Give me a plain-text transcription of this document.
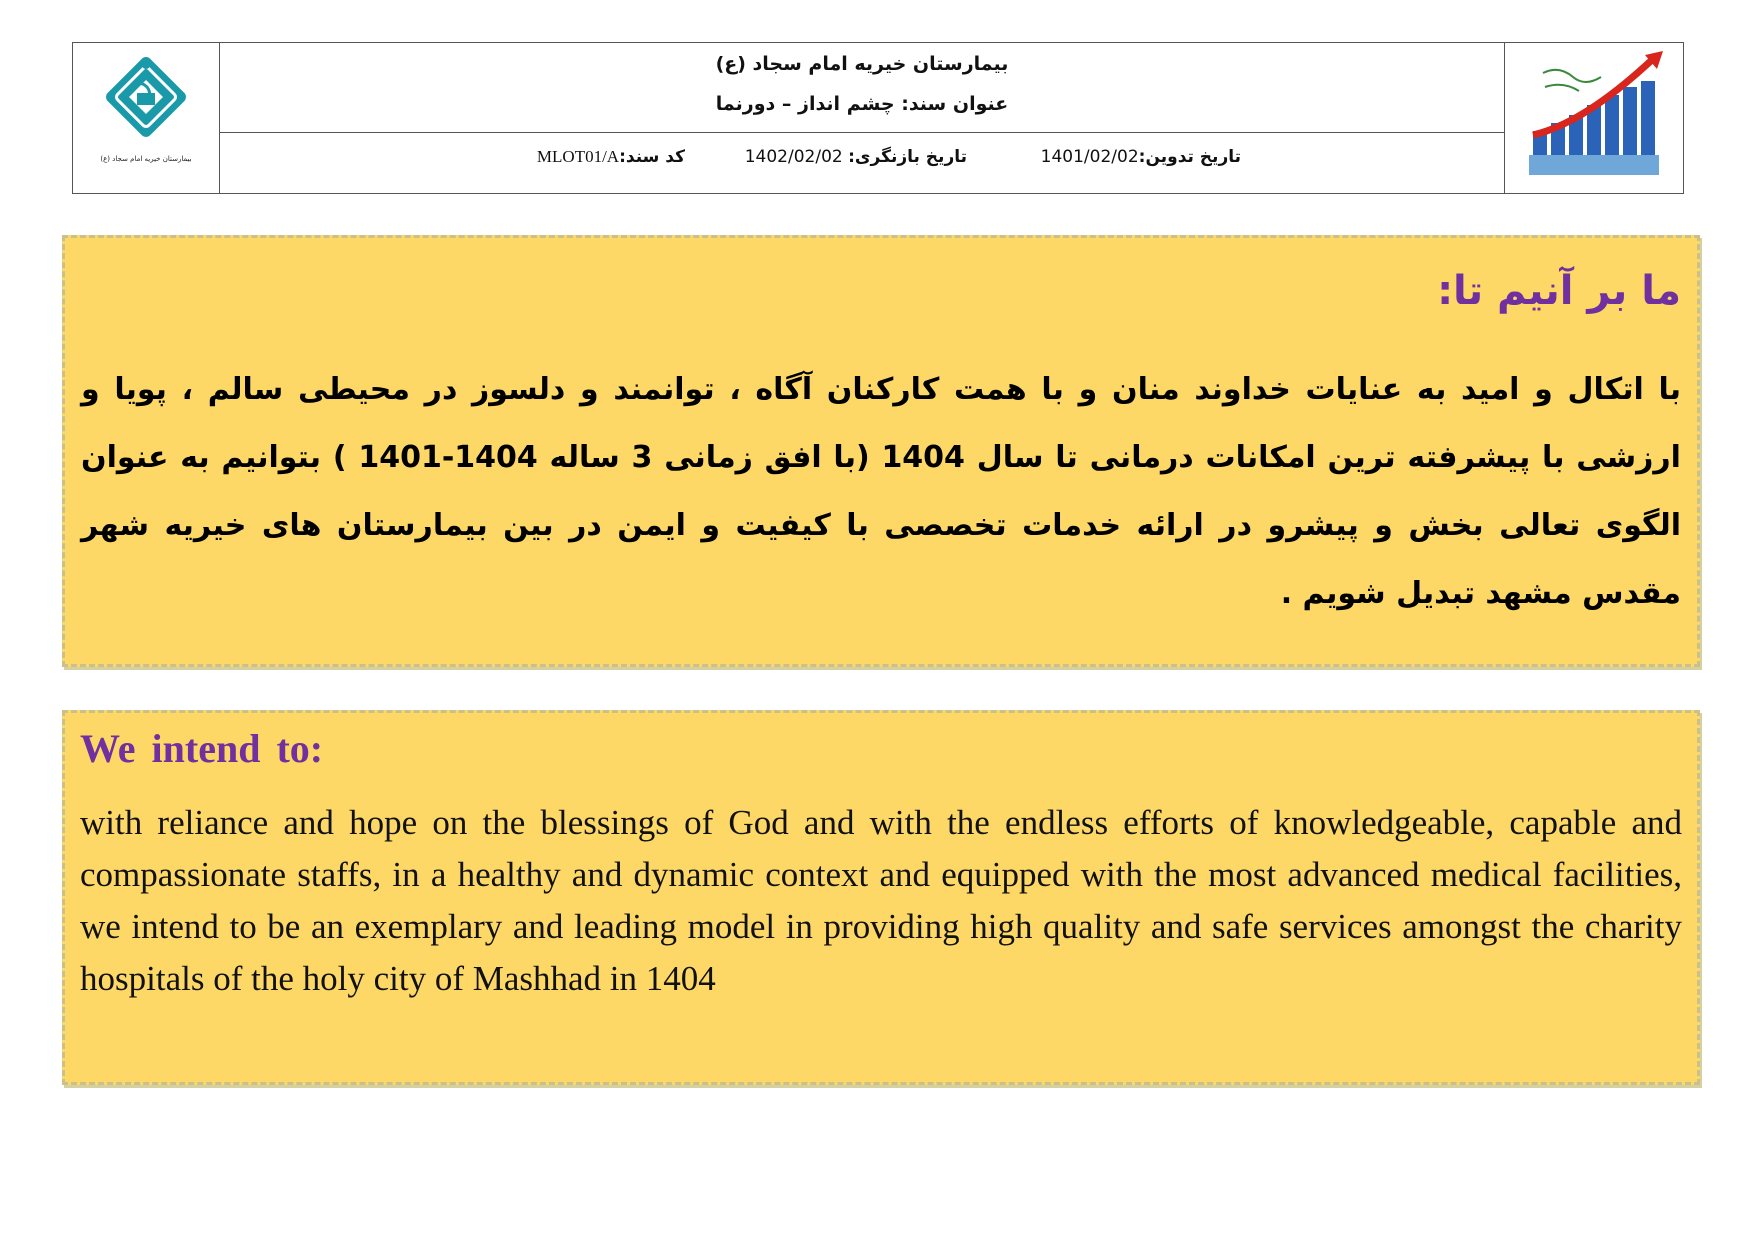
بیمارستان خیریه امام سجاد (ع)
بیمارستان خیریه امام سجاد (ع)
عنوان سند: چشم انداز – دورنما
تاریخ تدوین:1401/02/02
تاریخ بازنگری: 1402/02/02
کد سند:MLOT01/A
ما بر آنیم تا:
با اتکال و امید به عنایات خداوند منان و با همت کارکنان آگاه ، توانمند و دلسوز در محیطی سالم ، پویا و ارزشی با پیشرفته ترین امکانات درمانی تا سال 1404 (با افق زمانی 3 ساله 1404-1401 ) بتوانیم به عنوان الگوی تعالی بخش و پیشرو در ارائه خدمات تخصصی با کیفیت و ایمن در بین بیمارستان های خیریه شهر مقدس مشهد تبدیل شویم .
We intend to:
with reliance and hope on the blessings of God and with the endless efforts of knowledgeable, capable and compassionate staffs, in a healthy and dynamic context and equipped with the most advanced medical facilities, we intend to be an exemplary and leading model in providing high quality and safe services amongst the charity hospitals of the holy city of Mashhad in 1404
